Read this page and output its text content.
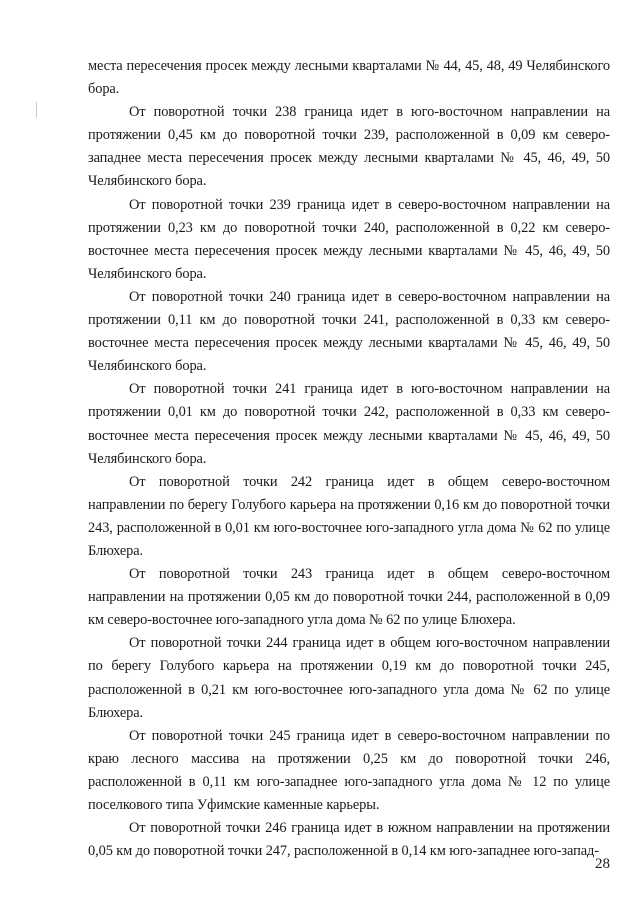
места пересечения просек между лесными кварталами № 44, 45, 48, 49 Челябинского бора.

От поворотной точки 238 граница идет в юго-восточном направлении на протяжении 0,45 км до поворотной точки 239, расположенной в 0,09 км северо-западнее места пересечения просек между лесными кварталами № 45, 46, 49, 50 Челябинского бора.

От поворотной точки 239 граница идет в северо-восточном направлении на протяжении 0,23 км до поворотной точки 240, расположенной в 0,22 км северо-восточнее места пересечения просек между лесными кварталами № 45, 46, 49, 50 Челябинского бора.

От поворотной точки 240 граница идет в северо-восточном направлении на протяжении 0,11 км до поворотной точки 241, расположенной в 0,33 км северо-восточнее места пересечения просек между лесными кварталами № 45, 46, 49, 50 Челябинского бора.

От поворотной точки 241 граница идет в юго-восточном направлении на протяжении 0,01 км до поворотной точки 242, расположенной в 0,33 км северо-восточнее места пересечения просек между лесными кварталами № 45, 46, 49, 50 Челябинского бора.

От поворотной точки 242 граница идет в общем северо-восточном направлении по берегу Голубого карьера на протяжении 0,16 км до поворотной точки 243, расположенной в 0,01 км юго-восточнее юго-западного угла дома № 62 по улице Блюхера.

От поворотной точки 243 граница идет в общем северо-восточном направлении на протяжении 0,05 км до поворотной точки 244, расположенной в 0,09 км северо-восточнее юго-западного угла дома № 62 по улице Блюхера.

От поворотной точки 244 граница идет в общем юго-восточном направлении по берегу Голубого карьера на протяжении 0,19 км до поворотной точки 245, расположенной в 0,21 км юго-восточнее юго-западного угла дома № 62 по улице Блюхера.

От поворотной точки 245 граница идет в северо-восточном направлении по краю лесного массива на протяжении 0,25 км до поворотной точки 246, расположенной в 0,11 км юго-западнее юго-западного угла дома № 12 по улице поселкового типа Уфимские каменные карьеры.

От поворотной точки 246 граница идет в южном направлении на протяжении 0,05 км до поворотной точки 247, расположенной в 0,14 км юго-западнее юго-запад-

28
